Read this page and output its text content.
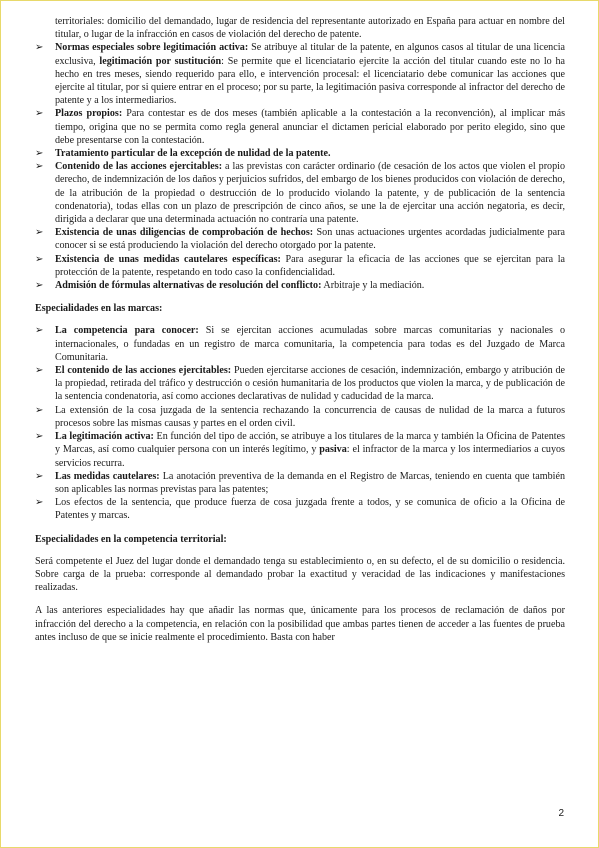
territoriales: domicilio del demandado, lugar de residencia del representante autorizado en España para actuar en nombre del titular, o lugar de la infracción en casos de violación del derecho de patente.
➢	Normas especiales sobre legitimación activa: Se atribuye al titular de la patente, en algunos casos al titular de una licencia exclusiva, legitimación por sustitución: Se permite que el licenciatario ejercite la acción del titular cuando este no lo ha hecho en tres meses, siendo requerido para ello, e intervención procesal: el licenciatario debe comunicar las acciones que ejercite al titular, por si quiere entrar en el proceso; por su parte, la legitimación pasiva corresponde al infractor del derecho de patente y a los intermediarios.
➢	Plazos propios: Para contestar es de dos meses (también aplicable a la contestación a la reconvención), al implicar más tiempo, origina que no se permita como regla general anunciar el dictamen pericial elaborado por perito elegido, sino que debe presentarse con la contestación.
➢	Tratamiento particular de la excepción de nulidad de la patente.
➢	Contenido de las acciones ejercitables: a las previstas con carácter ordinario (de cesación de los actos que violen el propio derecho, de indemnización de los daños y perjuicios sufridos, del embargo de los bienes producidos con violación de derecho, de la atribución de la propiedad o destrucción de lo producido violando la patente, y de publicación de la sentencia condenatoria), todas ellas con un plazo de prescripción de cinco años, se une la de ejercitar una acción negatoria, es decir, dirigida a declarar que una determinada actuación no contraría una patente.
➢	Existencia de unas diligencias de comprobación de hechos: Son unas actuaciones urgentes acordadas judicialmente para conocer si se está produciendo la violación del derecho otorgado por la patente.
➢	Existencia de unas medidas cautelares específicas: Para asegurar la eficacia de las acciones que se ejercitan para la protección de la patente, respetando en todo caso la confidencialidad.
➢	Admisión de fórmulas alternativas de resolución del conflicto: Arbitraje y la mediación.
Especialidades en las marcas:
➢	La competencia para conocer: Si se ejercitan acciones acumuladas sobre marcas comunitarias y nacionales o internacionales, o fundadas en un registro de marca comunitaria, la competencia para todas es del Juzgado de Marca Comunitaria.
➢	El contenido de las acciones ejercitables: Pueden ejercitarse acciones de cesación, indemnización, embargo y atribución de la propiedad, retirada del tráfico y destrucción o cesión humanitaria de los productos que violen la marca, y de publicación de la sentencia condenatoria, así como acciones declarativas de nulidad y caducidad de la marca.
➢	La extensión de la cosa juzgada de la sentencia rechazando la concurrencia de causas de nulidad de la marca a futuros procesos sobre las mismas causas y partes en el orden civil.
➢	La legitimación activa: En función del tipo de acción, se atribuye a los titulares de la marca y también la Oficina de Patentes y Marcas, así como cualquier persona con un interés legítimo, y pasiva: el infractor de la marca y los intermediarios a cuyos servicios recurra.
➢	Las medidas cautelares: La anotación preventiva de la demanda en el Registro de Marcas, teniendo en cuenta que también son aplicables las normas previstas para las patentes;
➢	Los efectos de la sentencia, que produce fuerza de cosa juzgada frente a todos, y se comunica de oficio a la Oficina de Patentes y marcas.
Especialidades en la competencia territorial:

Será competente el Juez del lugar donde el demandado tenga su establecimiento o, en su defecto, el de su domicilio o residencia. Sobre carga de la prueba: corresponde al demandado probar la exactitud y veracidad de las indicaciones y manifestaciones realizadas.

A las anteriores especialidades hay que añadir las normas que, únicamente para los procesos de reclamación de daños por infracción del derecho a la competencia, en relación con la posibilidad que ambas partes tienen de acceder a las fuentes de prueba antes incluso de que se inicie realmente el procedimiento. Basta con haber

2
